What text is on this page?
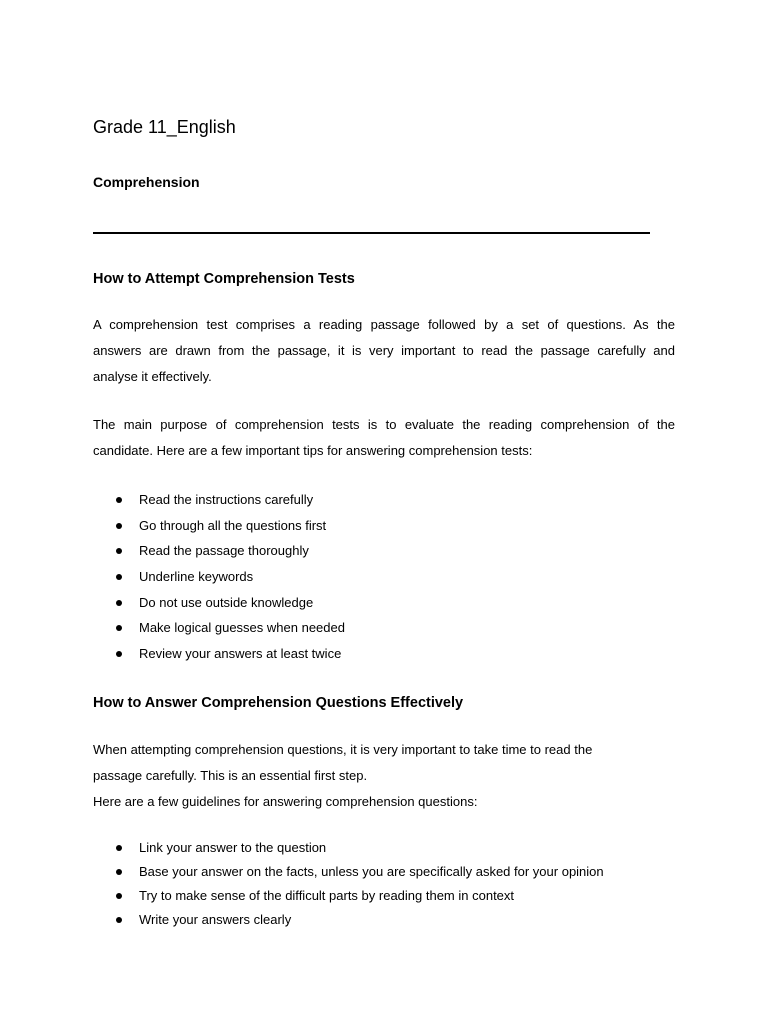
Grade 11_English
Comprehension
How to Attempt Comprehension Tests

A comprehension test comprises a reading passage followed by a set of questions. As the
answers are drawn from the passage, it is very important to read the passage carefully and
analyse it effectively.

The main purpose of comprehension tests is to evaluate the reading comprehension of the
candidate. Here are a few important tips for answering comprehension tests:

Read the instructions carefully
Go through all the questions first
Read the passage thoroughly
Underline keywords
Do not use outside knowledge
Make logical guesses when needed
Review your answers at least twice
How to Answer Comprehension Questions Effectively

When attempting comprehension questions, it is very important to take time to read the
passage carefully. This is an essential first step.
Here are a few guidelines for answering comprehension questions:

Link your answer to the question
Base your answer on the facts, unless you are specifically asked for your opinion
Try to make sense of the difficult parts by reading them in context
Write your answers clearly
